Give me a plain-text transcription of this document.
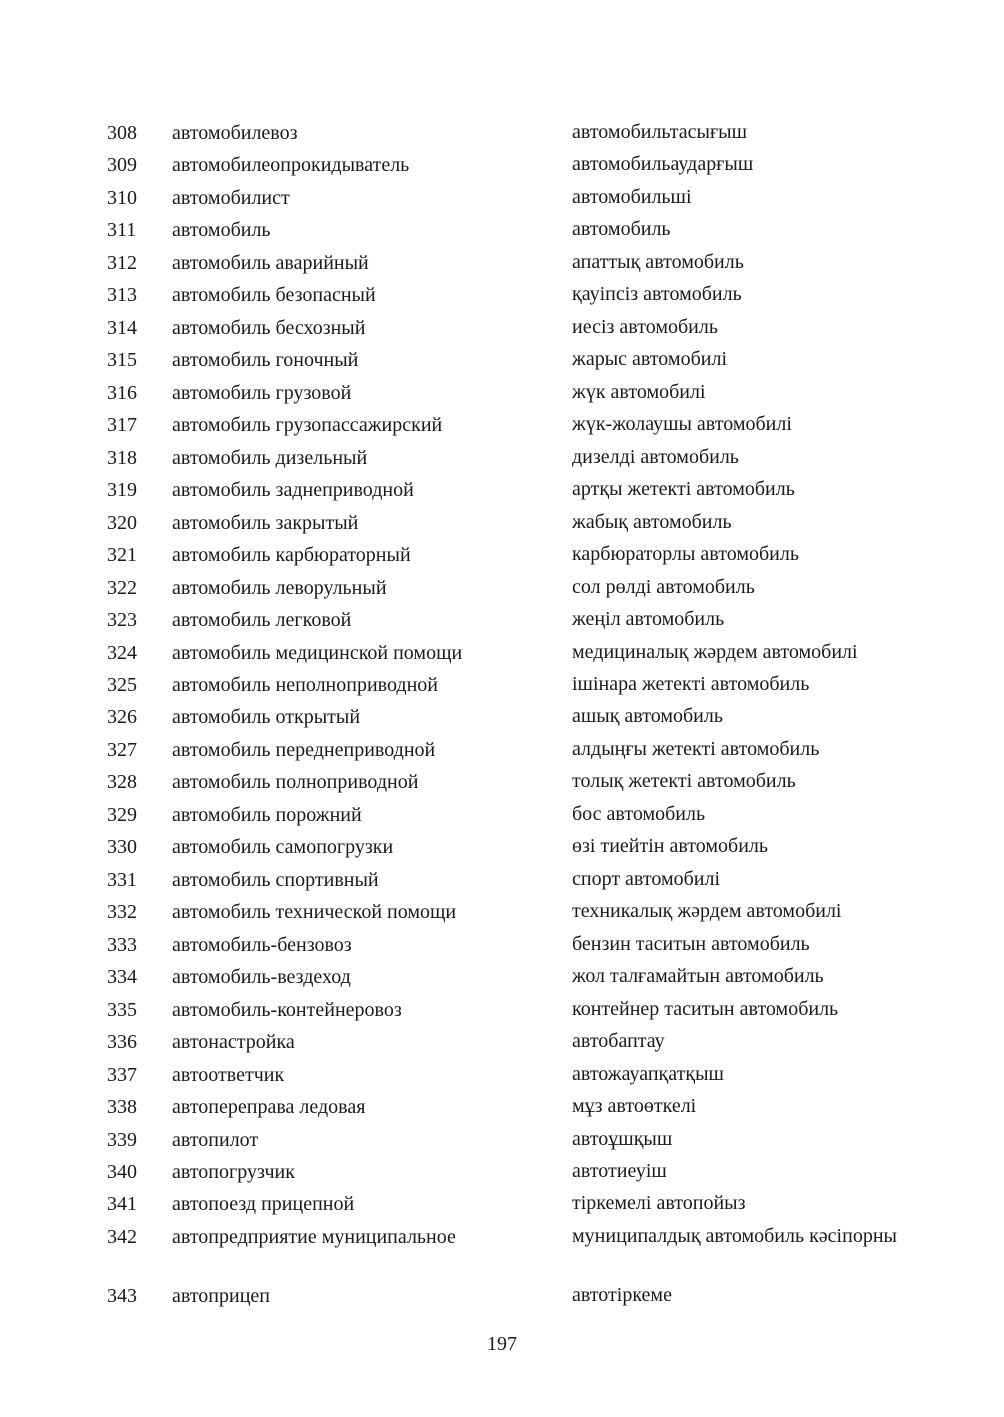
308 автомобилевоз	автомобильтасығыш
309 автомобилеопрокидыватель	автомобильаударғыш
310 автомобилист	автомобильші
311 автомобиль	автомобиль
312 автомобиль аварийный	апаттық автомобиль
313 автомобиль безопасный	қауіпсіз автомобиль
314 автомобиль бесхозный	иесіз автомобиль
315 автомобиль гоночный	жарыс автомобилі
316 автомобиль грузовой	жүк автомобилі
317 автомобиль грузопассажирский	жүк-жолаушы автомобилі
318 автомобиль дизельный	дизелді автомобиль
319 автомобиль заднеприводной	артқы жетекті автомобиль
320 автомобиль закрытый	жабық автомобиль
321 автомобиль карбюраторный	карбюраторлы автомобиль
322 автомобиль леворульный	сол рөлді автомобиль
323 автомобиль легковой	жеңіл автомобиль
324 автомобиль медицинской помощи	медициналық жәрдем автомобилі
325 автомобиль неполноприводной	ішінара жетекті автомобиль
326 автомобиль открытый	ашық автомобиль
327 автомобиль переднеприводной	алдыңғы жетекті автомобиль
328 автомобиль полноприводной	толық жетекті автомобиль
329 автомобиль порожний	бос автомобиль
330 автомобиль самопогрузки	өзі тиейтін автомобиль
331 автомобиль спортивный	спорт автомобилі
332 автомобиль технической помощи	техникалық жәрдем автомобилі
333 автомобиль-бензовоз	бензин таситын автомобиль
334 автомобиль-вездеход	жол талғамайтын автомобиль
335 автомобиль-контейнеровоз	контейнер таситын автомобиль
336 автонастройка	автобаптау
337 автоответчик	автожауапқатқыш
338 автопереправа ледовая	мұз автоөткелі
339 автопилот	автоұшқыш
340 автопогрузчик	автотиеуіш
341 автопоезд прицепной	тіркемелі автопойыз
342 автопредприятие муниципальное	муниципалдық автомобиль кәсіпорны
343 автоприцеп	автотіркеме
197
